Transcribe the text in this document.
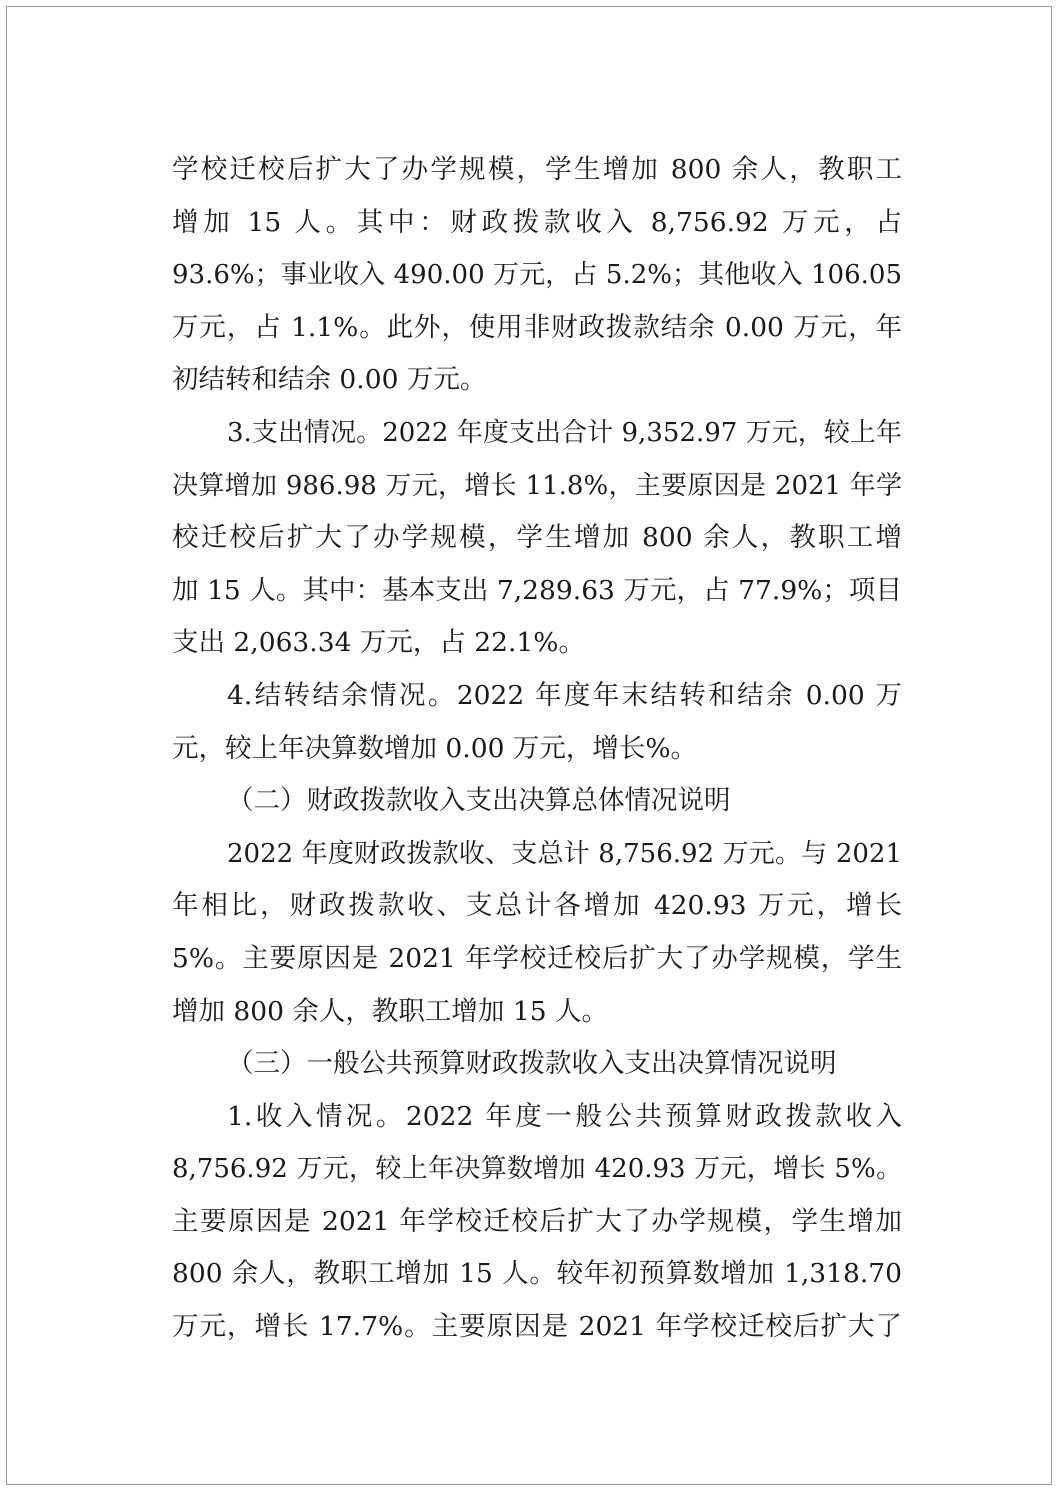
学校迁校后扩大了办学规模，学生增加 800 余人，教职工
增加 15 人。其中：财政拨款收入 8,756.92 万元，占
93.6%；事业收入 490.00 万元，占 5.2%；其他收入 106.05
万元，占 1.1%。此外，使用非财政拨款结余 0.00 万元，年
初结转和结余 0.00 万元。
3.支出情况。2022 年度支出合计 9,352.97 万元，较上年
决算增加 986.98 万元，增长 11.8%，主要原因是 2021 年学
校迁校后扩大了办学规模，学生增加 800 余人，教职工增
加 15 人。其中：基本支出 7,289.63 万元，占 77.9%；项目
支出 2,063.34 万元，占 22.1%。
4.结转结余情况。2022 年度年末结转和结余 0.00 万
元，较上年决算数增加 0.00 万元，增长%。
（二）财政拨款收入支出决算总体情况说明
2022 年度财政拨款收、支总计 8,756.92 万元。与 2021
年相比，财政拨款收、支总计各增加 420.93 万元，增长
5%。主要原因是 2021 年学校迁校后扩大了办学规模，学生
增加 800 余人，教职工增加 15 人。
（三）一般公共预算财政拨款收入支出决算情况说明
1.收入情况。2022 年度一般公共预算财政拨款收入
8,756.92 万元，较上年决算数增加 420.93 万元，增长 5%。
主要原因是 2021 年学校迁校后扩大了办学规模，学生增加
800 余人，教职工增加 15 人。较年初预算数增加 1,318.70
万元，增长 17.7%。主要原因是 2021 年学校迁校后扩大了
